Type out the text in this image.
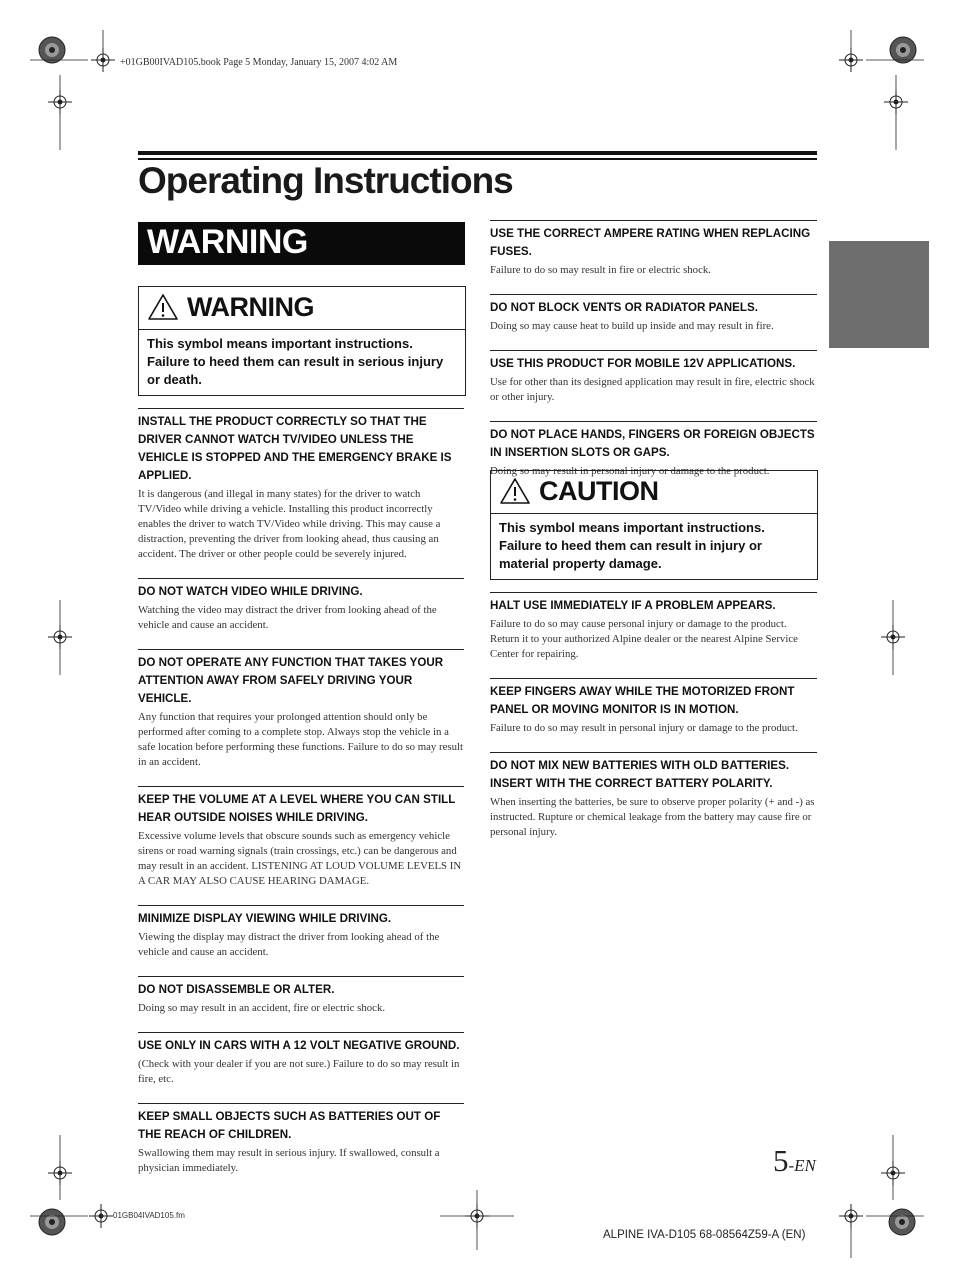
+01GB00IVAD105.book Page 5 Monday, January 15, 2007 4:02 AM
Operating Instructions
WARNING
WARNING
This symbol means important instructions. Failure to heed them can result in serious injury or death.
INSTALL THE PRODUCT CORRECTLY SO THAT THE DRIVER CANNOT WATCH TV/VIDEO UNLESS THE VEHICLE IS STOPPED AND THE EMERGENCY BRAKE IS APPLIED.

It is dangerous (and illegal in many states) for the driver to watch TV/Video while driving a vehicle. Installing this product incorrectly enables the driver to watch TV/Video while driving. This may cause a distraction, preventing the driver from looking ahead, thus causing an accident. The driver or other people could be severely injured.

DO NOT WATCH VIDEO WHILE DRIVING.

Watching the video may distract the driver from looking ahead of the vehicle and cause an accident.

DO NOT OPERATE ANY FUNCTION THAT TAKES YOUR ATTENTION AWAY FROM SAFELY DRIVING YOUR VEHICLE.

Any function that requires your prolonged attention should only be performed after coming to a complete stop. Always stop the vehicle in a safe location before performing these functions. Failure to do so may result in an accident.

KEEP THE VOLUME AT A LEVEL WHERE YOU CAN STILL HEAR OUTSIDE NOISES WHILE DRIVING.

Excessive volume levels that obscure sounds such as emergency vehicle sirens or road warning signals (train crossings, etc.) can be dangerous and may result in an accident. LISTENING AT LOUD VOLUME LEVELS IN A CAR MAY ALSO CAUSE HEARING DAMAGE.

MINIMIZE DISPLAY VIEWING WHILE DRIVING.

Viewing the display may distract the driver from looking ahead of the vehicle and cause an accident.

DO NOT DISASSEMBLE OR ALTER.

Doing so may result in an accident, fire or electric shock.

USE ONLY IN CARS WITH A 12 VOLT NEGATIVE GROUND.

(Check with your dealer if you are not sure.) Failure to do so may result in fire, etc.

KEEP SMALL OBJECTS SUCH AS BATTERIES OUT OF THE REACH OF CHILDREN.

Swallowing them may result in serious injury. If swallowed, consult a physician immediately.

USE THE CORRECT AMPERE RATING WHEN REPLACING FUSES.

Failure to do so may result in fire or electric shock.

DO NOT BLOCK VENTS OR RADIATOR PANELS.

Doing so may cause heat to build up inside and may result in fire.

USE THIS PRODUCT FOR MOBILE 12V APPLICATIONS.

Use for other than its designed application may result in fire, electric shock or other injury.

DO NOT PLACE HANDS, FINGERS OR FOREIGN OBJECTS IN INSERTION SLOTS OR GAPS.

Doing so may result in personal injury or damage to the product.

CAUTION
This symbol means important instructions. Failure to heed them can result in injury or material property damage.
HALT USE IMMEDIATELY IF A PROBLEM APPEARS.

Failure to do so may cause personal injury or damage to the product. Return it to your authorized Alpine dealer or the nearest Alpine Service Center for repairing.

KEEP FINGERS AWAY WHILE THE MOTORIZED FRONT PANEL OR MOVING MONITOR IS IN MOTION.

Failure to do so may result in personal injury or damage to the product.

DO NOT MIX NEW BATTERIES WITH OLD BATTERIES. INSERT WITH THE CORRECT BATTERY POLARITY.

When inserting the batteries, be sure to observe proper polarity (+ and -) as instructed. Rupture or chemical leakage from the battery may cause fire or personal injury.

5-EN
01GB04IVAD105.fm
ALPINE IVA-D105 68-08564Z59-A (EN)
